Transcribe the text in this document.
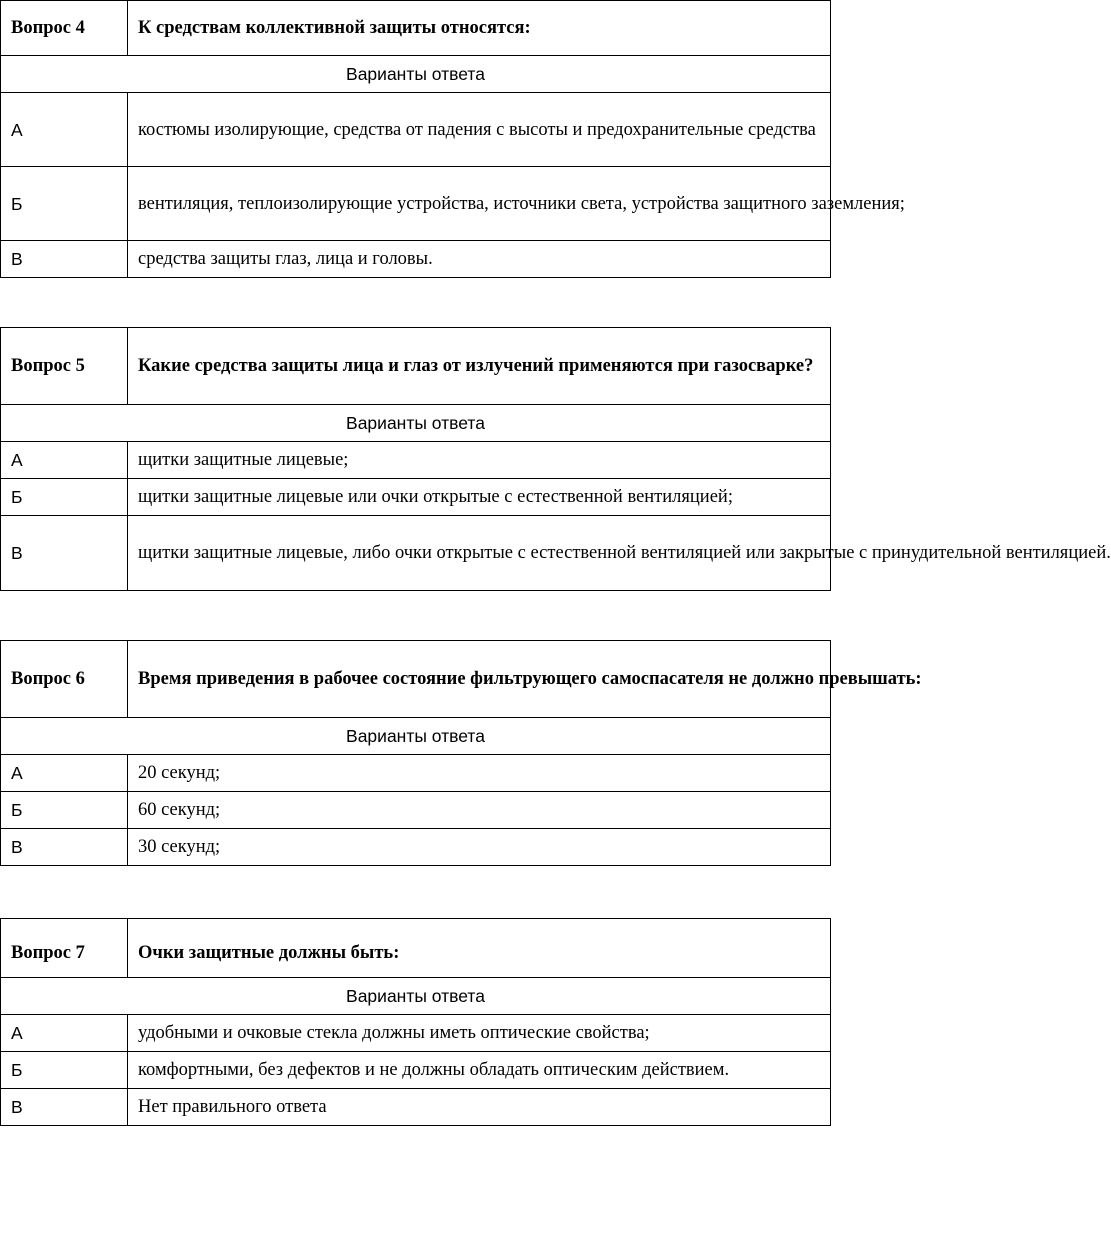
Вопрос 4	К средствам коллективной защиты относятся:
Варианты ответа	
А	костюмы изолирующие, средства от падения с высоты и предохранительные средства
Б	вентиляция, теплоизолирующие устройства, источники света, устройства защитного заземления;
В	средства защиты глаз, лица и головы.
Вопрос 5	Какие средства защиты лица и глаз от излучений применяются при газосварке?
Варианты ответа	
А	щитки защитные лицевые;
Б	щитки защитные лицевые или очки открытые с естественной вентиляцией;
В	щитки защитные лицевые, либо очки открытые с естественной вентиляцией или закрытые с принудительной вентиляцией.
Вопрос 6	Время приведения в рабочее состояние фильтрующего самоспасателя не должно превышать:
Варианты ответа	
А	20 секунд;
Б	60 секунд;
В	30 секунд;
Вопрос 7	Очки защитные должны быть:
Варианты ответа	
А	удобными и очковые стекла должны иметь оптические свойства;
Б	комфортными, без дефектов и не должны обладать оптическим действием.
В	Нет правильного ответа
